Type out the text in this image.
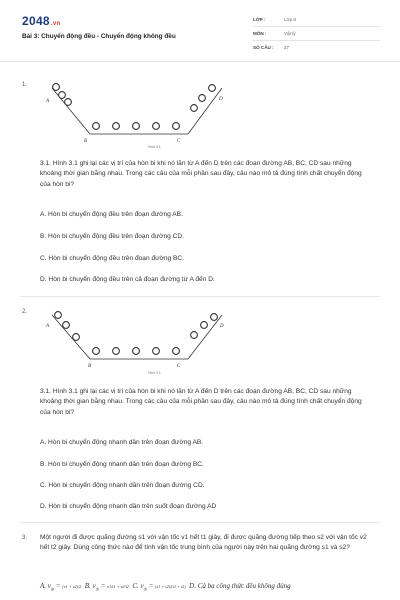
2048.vn
Bài 3: Chuyển động đều - Chuyển động không đều
LỚP :	Lớp 8
MÔN :	Vật lý
SỐ CÂU : 27
1.
A
B	C
D
Hình 3.1
3.1. Hình 3.1 ghi lại các vị trí của hòn bi khi nó lăn từ A đến D trên các đoạn đường AB, BC, CD sau những khoảng thời gian bằng nhau. Trong các câu của mỗi phần sau đây, câu nào mô tả đúng tính chất chuyển động của hòn bi?
A. Hòn bi chuyển động đều trên đoạn đường AB.
B. Hòn bi chuyển động đều trên đoạn đường CD.
C. Hòn bi chuyển động đều trên đoạn đường BC.
D. Hòn bi chuyển động đều trên cả đoạn đường từ A đến D.
2.
A
B	C
D
Hình 3.1
3.1. Hình 3.1 ghi lại các vị trí của hòn bi khi nó lăn từ A đến D trên các đoạn đường AB, BC, CD sau những khoảng thời gian bằng nhau. Trong các câu của mỗi phần sau đây, câu nào mô tả đúng tính chất chuyển động của hòn bi?
A. Hòn bi chuyển động nhanh dần trên đoạn đường AB.
B. Hòn bi chuyển động nhanh dần trên đoạn đường BC.
C. Hòn bi chuyển động nhanh dần trên đoạn đường CD.
D. Hòn bi chuyển động nhanh dần trên suốt đoạn đường AD
3. Một người đi được quãng đường s1 với vận tốc v1 hết t1 giây, đi được quãng đường tiếp theo s2 với vận tốc v2 hết t2 giây. Dùng công thức nào để tính vận tốc trung bình của người này trên hai quãng đường s1 và s2?
A. $v_{tb} = (v1 + v2)/2$ B. $v_{tb} = v1/t1 + v2/t2$ C. $v_{tb} = (s1 + s2)/(t1 + t2)$ D. Cả ba công thức đều không đúng
